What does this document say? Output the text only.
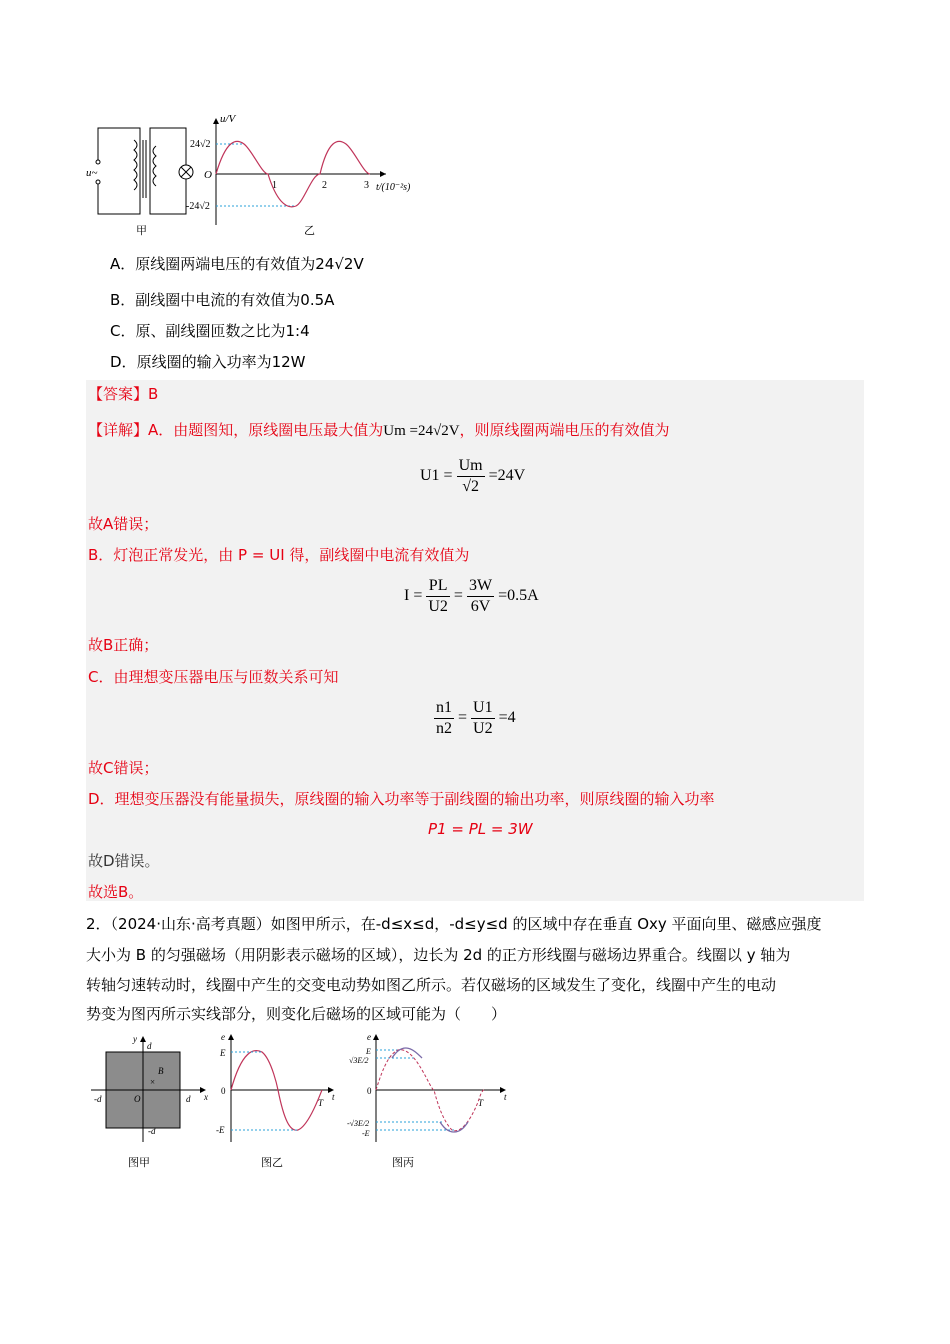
u~
u/V
O
24√2
-24√2
1	2	3 t/(10⁻²s)
甲	乙
A．原线圈两端电压的有效值为24√2V
B．副线圈中电流的有效值为0.5A
C．原、副线圈匝数之比为1:4
D．原线圈的输入功率为12W
【答案】B
【详解】A．由题图知，原线圈电压最大值为Um =24√2V，则原线圈两端电压的有效值为
$U1 = \frac{Um}{√2} =24V$
故A错误；
B．灯泡正常发光，由 P = UI 得，副线圈中电流有效值为
$I = \frac{PL}{U2} = \frac{3W}{6V} =0.5A$
故B正确；
C．由理想变压器电压与匝数关系可知
$\frac{n1}{n2} = \frac{U1}{U2} =4$
故C错误；
D．理想变压器没有能量损失，原线圈的输入功率等于副线圈的输出功率，则原线圈的输入功率
P1 = PL = 3W
故D错误。
故选B。
2．（2024·山东·高考真题）如图甲所示，在-d≤x≤d，-d≤y≤d 的区域中存在垂直 Oxy 平面向里、磁感应强度
大小为 B 的匀强磁场（用阴影表示磁场的区域），边长为 2d 的正方形线圈与磁场边界重合。线圈以 y 轴为
转轴匀速转动时，线圈中产生的交变电动势如图乙所示。若仅磁场的区域发生了变化，线圈中产生的电动
势变为图丙所示实线部分，则变化后磁场的区域可能为（　　）
y
d
x
-d	d
O
B
×
-d
图甲
e
E
0
-E
T
t
图乙
e
E
√3E/2
0
-√3E/2
-E
T
t
图丙
